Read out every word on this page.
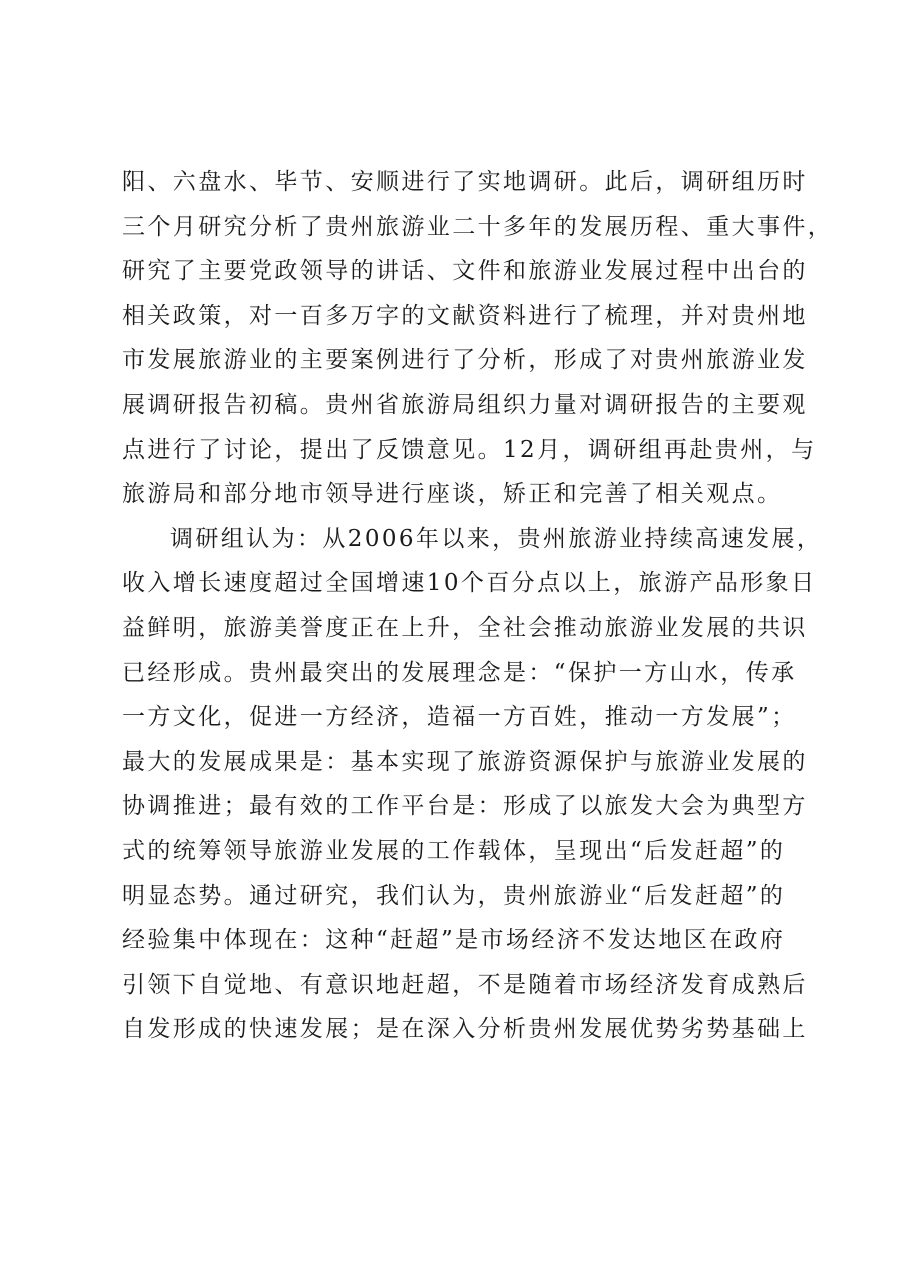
阳、六盘水、毕节、安顺进行了实地调研。此后，调研组历时
三个月研究分析了贵州旅游业二十多年的发展历程、重大事件，
研究了主要党政领导的讲话、文件和旅游业发展过程中出台的
相关政策，对一百多万字的文献资料进行了梳理，并对贵州地
市发展旅游业的主要案例进行了分析，形成了对贵州旅游业发
展调研报告初稿。贵州省旅游局组织力量对调研报告的主要观
点进行了讨论，提出了反馈意见。12月，调研组再赴贵州，与
旅游局和部分地市领导进行座谈，矫正和完善了相关观点。
调研组认为：从2006年以来，贵州旅游业持续高速发展，
收入增长速度超过全国增速10个百分点以上，旅游产品形象日
益鲜明，旅游美誉度正在上升，全社会推动旅游业发展的共识
已经形成。贵州最突出的发展理念是：“保护一方山水，传承
一方文化，促进一方经济，造福一方百姓，推动一方发展”；
最大的发展成果是：基本实现了旅游资源保护与旅游业发展的
协调推进；最有效的工作平台是：形成了以旅发大会为典型方
式的统筹领导旅游业发展的工作载体，呈现出“后发赶超”的
明显态势。通过研究，我们认为，贵州旅游业“后发赶超”的
经验集中体现在：这种“赶超”是市场经济不发达地区在政府
引领下自觉地、有意识地赶超，不是随着市场经济发育成熟后
自发形成的快速发展；是在深入分析贵州发展优势劣势基础上
